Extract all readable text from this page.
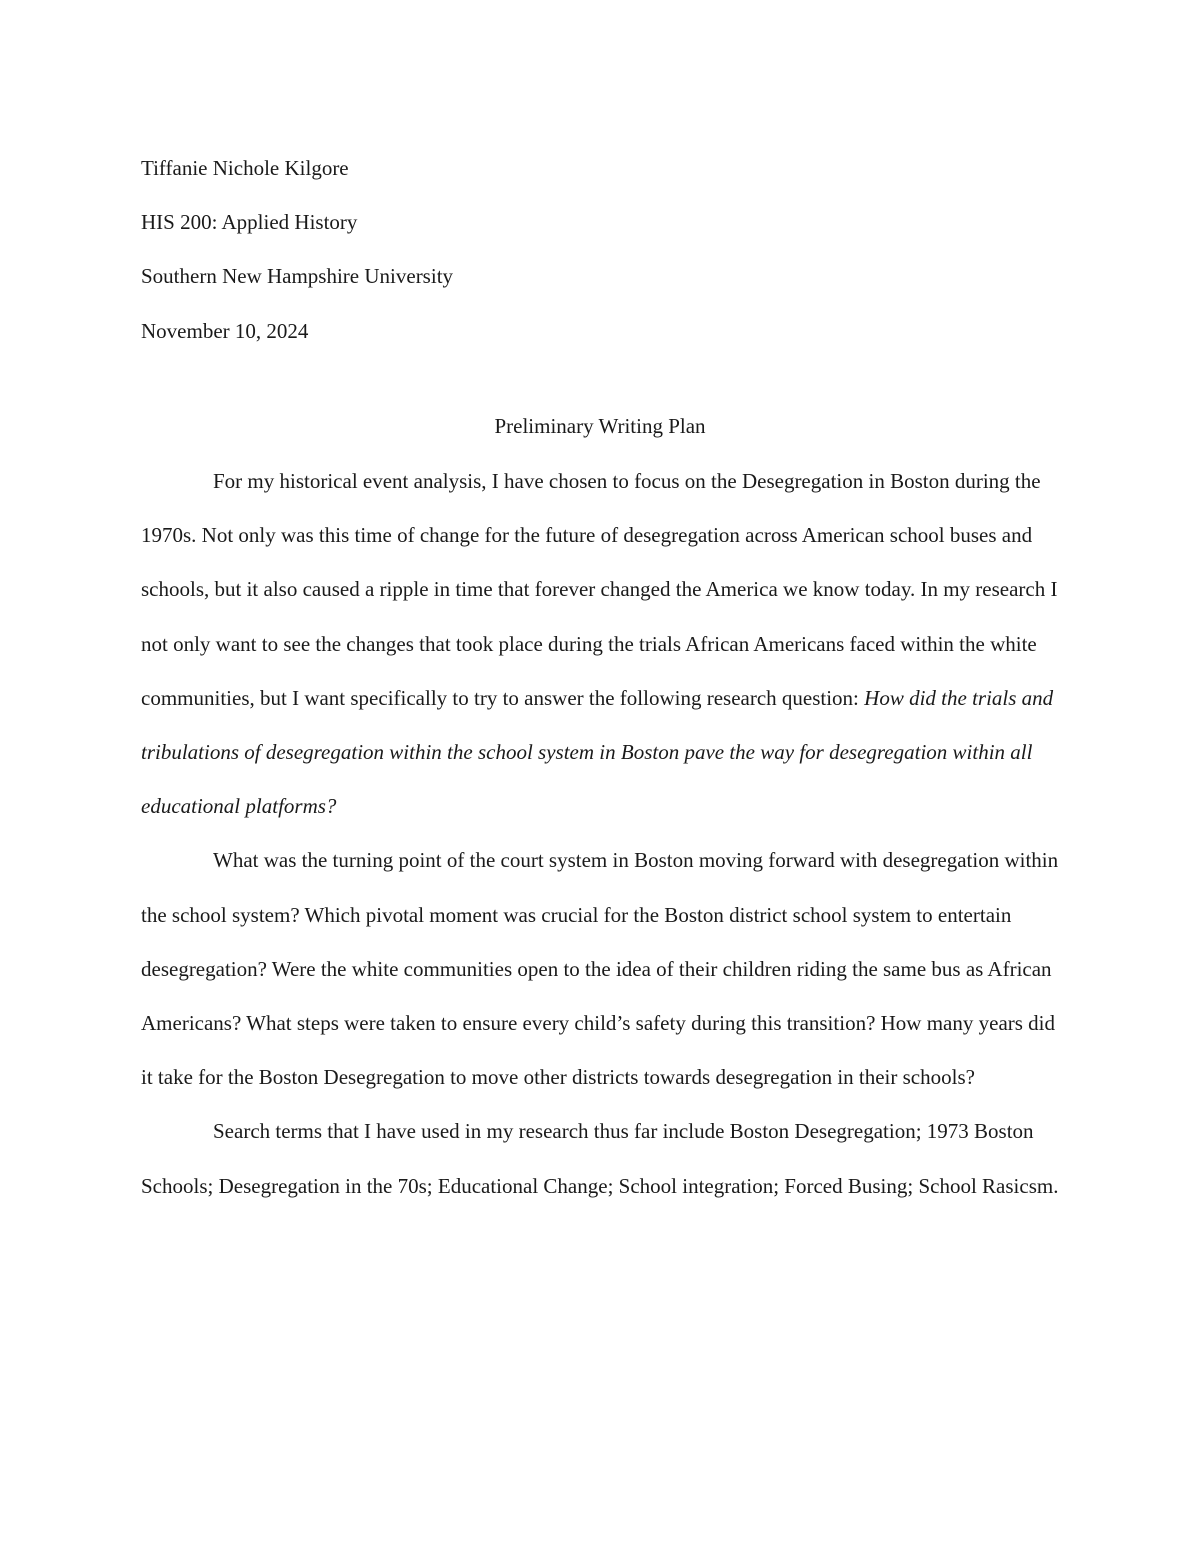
Tiffanie Nichole Kilgore
HIS 200: Applied History
Southern New Hampshire University
November 10, 2024
Preliminary Writing Plan

For my historical event analysis, I have chosen to focus on the Desegregation in Boston during the 1970s. Not only was this time of change for the future of desegregation across American school buses and schools, but it also caused a ripple in time that forever changed the America we know today. In my research I not only want to see the changes that took place during the trials African Americans faced within the white communities, but I want specifically to try to answer the following research question: How did the trials and tribulations of desegregation within the school system in Boston pave the way for desegregation within all educational platforms?

What was the turning point of the court system in Boston moving forward with desegregation within the school system? Which pivotal moment was crucial for the Boston district school system to entertain desegregation? Were the white communities open to the idea of their children riding the same bus as African Americans? What steps were taken to ensure every child’s safety during this transition? How many years did it take for the Boston Desegregation to move other districts towards desegregation in their schools?

Search terms that I have used in my research thus far include Boston Desegregation; 1973 Boston Schools; Desegregation in the 70s; Educational Change; School integration; Forced Busing; School Rasicsm.
